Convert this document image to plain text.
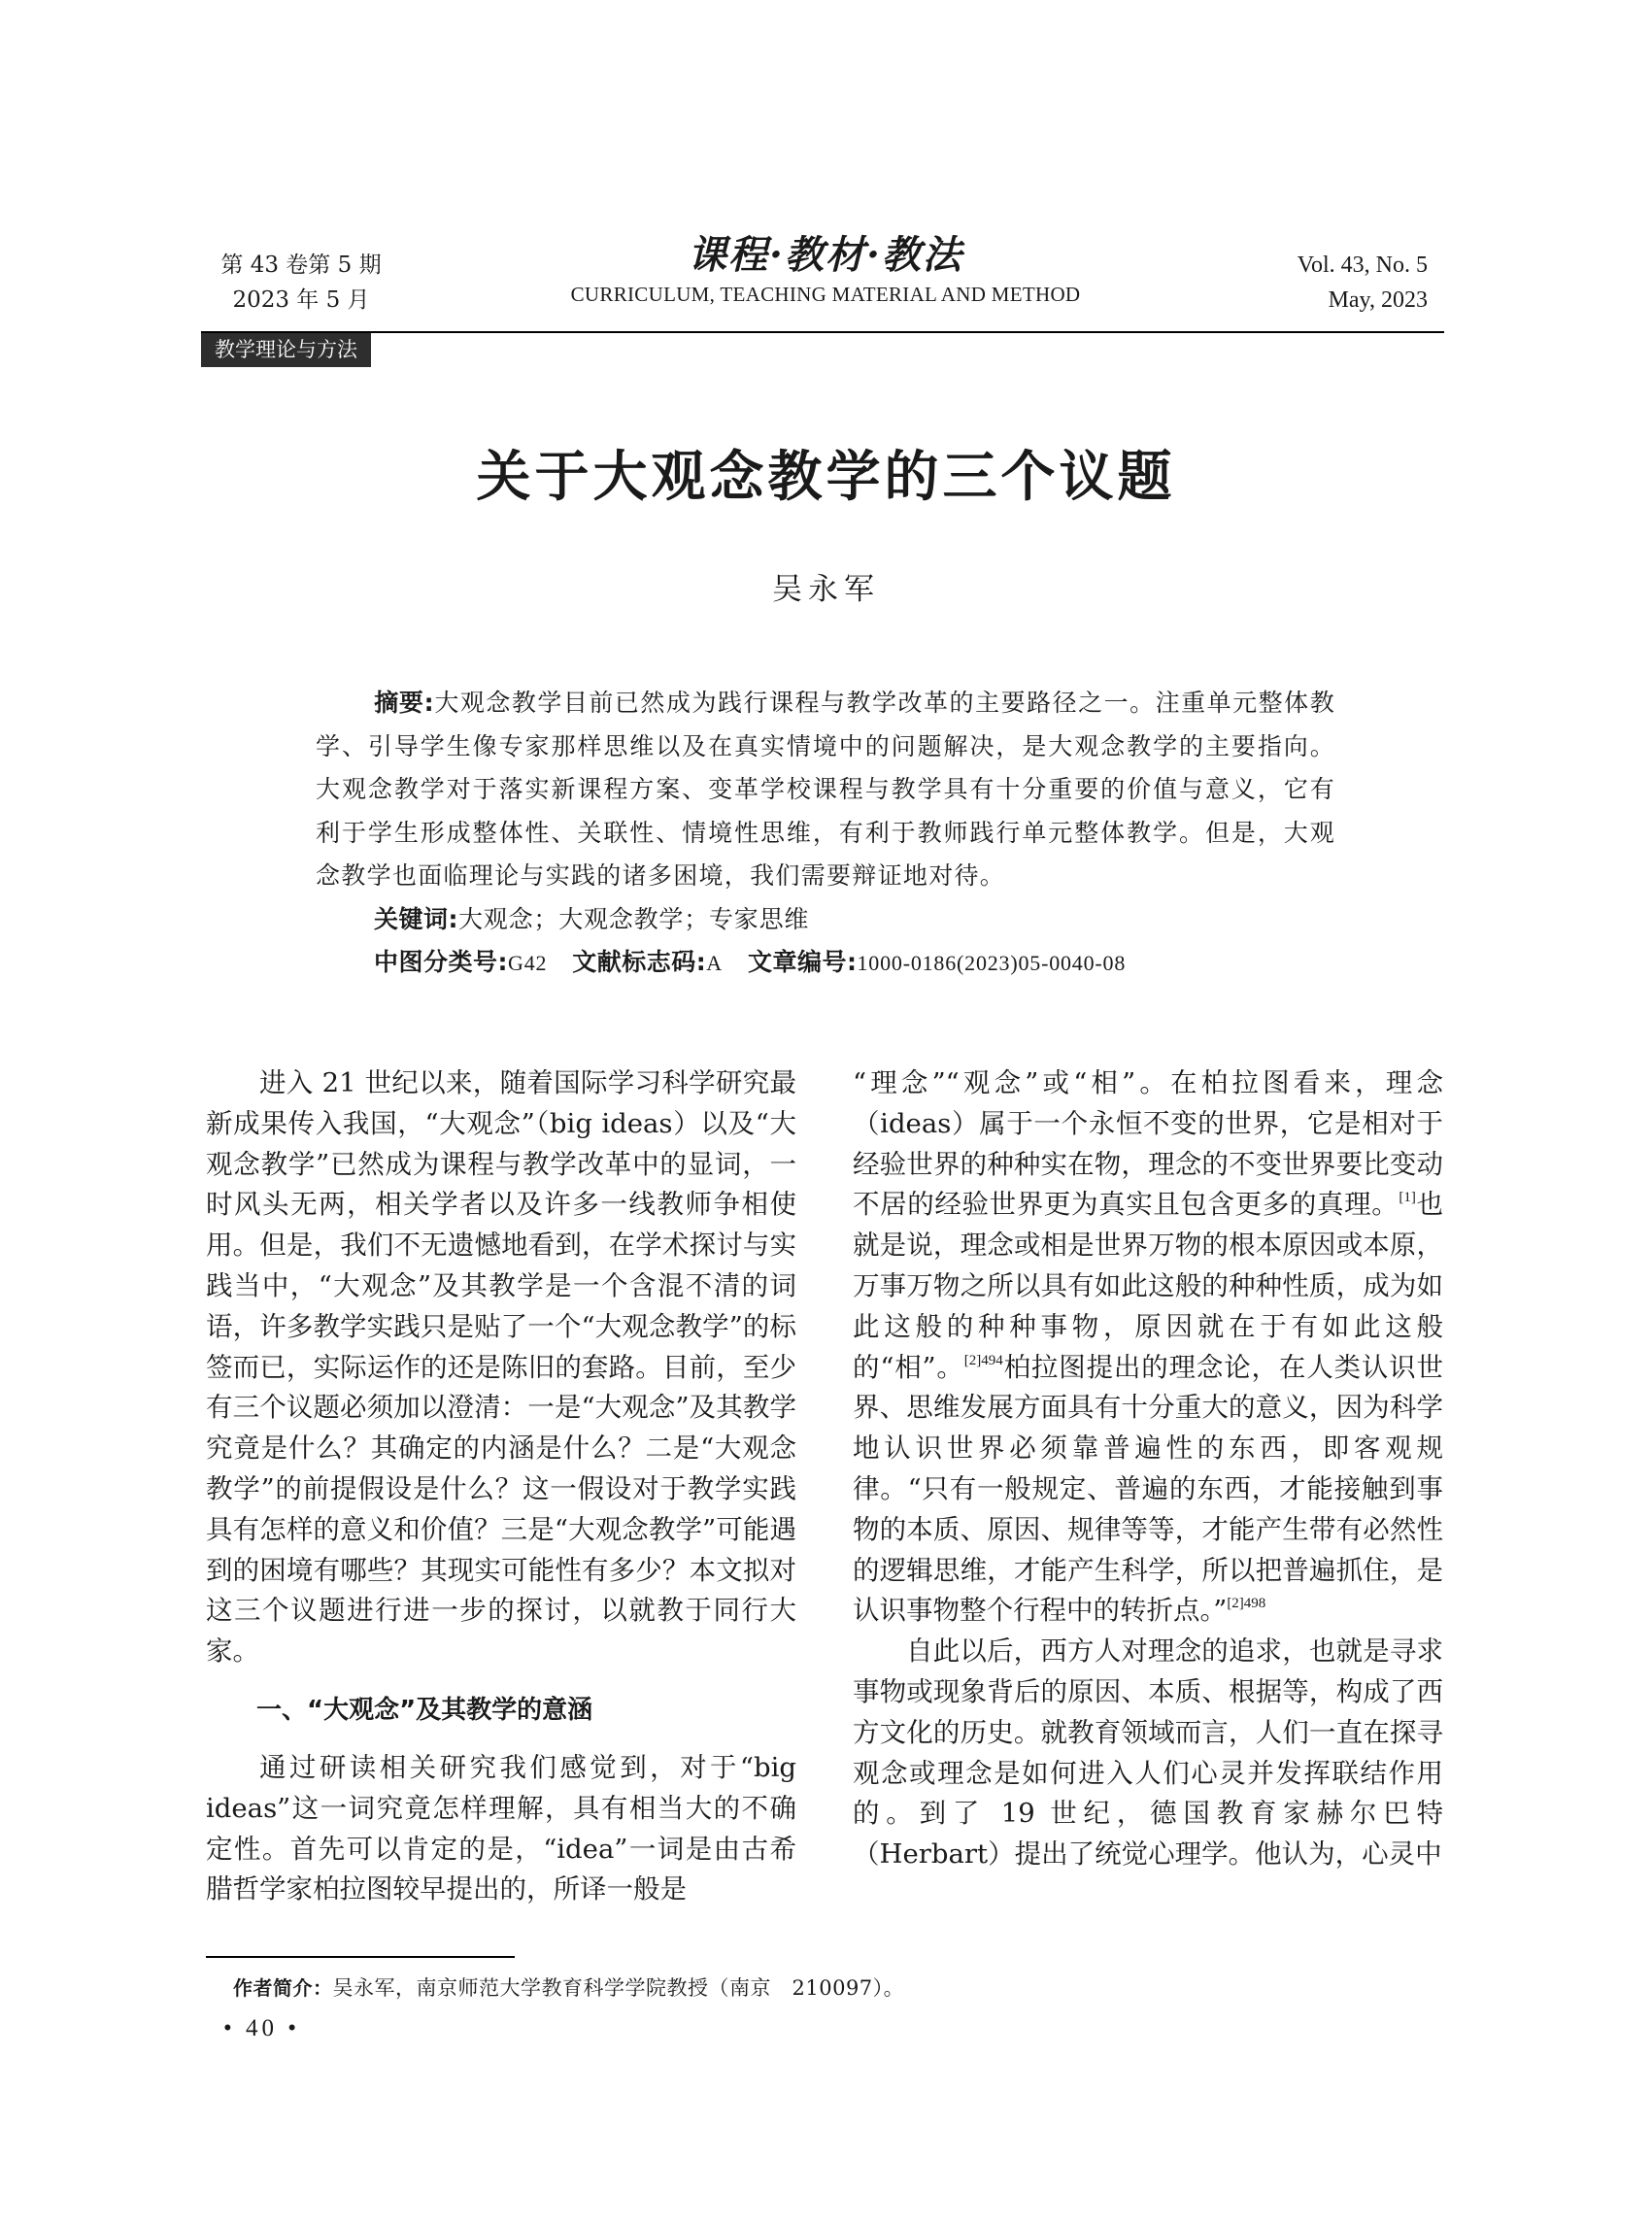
第 43 卷第 5 期
2023 年 5 月
课程·教材·教法
CURRICULUM, TEACHING MATERIAL AND METHOD
Vol. 43, No. 5
May, 2023
教学理论与方法
关于大观念教学的三个议题
吴永军
摘要:大观念教学目前已然成为践行课程与教学改革的主要路径之一。注重单元整体教学、引导学生像专家那样思维以及在真实情境中的问题解决，是大观念教学的主要指向。大观念教学对于落实新课程方案、变革学校课程与教学具有十分重要的价值与意义，它有利于学生形成整体性、关联性、情境性思维，有利于教师践行单元整体教学。但是，大观念教学也面临理论与实践的诸多困境，我们需要辩证地对待。
关键词:大观念；大观念教学；专家思维
中图分类号:G42 文献标志码:A 文章编号:1000-0186(2023)05-0040-08

进入 21 世纪以来，随着国际学习科学研究最新成果传入我国，“大观念”（big ideas）以及“大观念教学”已然成为课程与教学改革中的显词，一时风头无两，相关学者以及许多一线教师争相使用。但是，我们不无遗憾地看到，在学术探讨与实践当中，“大观念”及其教学是一个含混不清的词语，许多教学实践只是贴了一个“大观念教学”的标签而已，实际运作的还是陈旧的套路。目前，至少有三个议题必须加以澄清：一是“大观念”及其教学究竟是什么？其确定的内涵是什么？二是“大观念教学”的前提假设是什么？这一假设对于教学实践具有怎样的意义和价值？三是“大观念教学”可能遇到的困境有哪些？其现实可能性有多少？本文拟对这三个议题进行进一步的探讨，以就教于同行大家。

一、“大观念”及其教学的意涵

通过研读相关研究我们感觉到，对于“big ideas”这一词究竟怎样理解，具有相当大的不确定性。首先可以肯定的是，“idea”一词是由古希腊哲学家柏拉图较早提出的，所译一般是

“理念”“观念”或“相”。在柏拉图看来，理念（ideas）属于一个永恒不变的世界，它是相对于经验世界的种种实在物，理念的不变世界要比变动不居的经验世界更为真实且包含更多的真理。[1]也就是说，理念或相是世界万物的根本原因或本原，万事万物之所以具有如此这般的种种性质，成为如此这般的种种事物，原因就在于有如此这般的“相”。$^{[2]494}$柏拉图提出的理念论，在人类认识世界、思维发展方面具有十分重大的意义，因为科学地认识世界必须靠普遍性的东西，即客观规律。“只有一般规定、普遍的东西，才能接触到事物的本质、原因、规律等等，才能产生带有必然性的逻辑思维，才能产生科学，所以把普遍抓住，是认识事物整个行程中的转折点。”$^{[2]498}$

自此以后，西方人对理念的追求，也就是寻求事物或现象背后的原因、本质、根据等，构成了西方文化的历史。就教育领域而言，人们一直在探寻观念或理念是如何进入人们心灵并发挥联结作用的。到了 19 世纪，德国教育家赫尔巴特（Herbart）提出了统觉心理学。他认为，心灵中

作者简介：吴永军，南京师范大学教育科学学院教授（南京　210097）。
• 40 •
